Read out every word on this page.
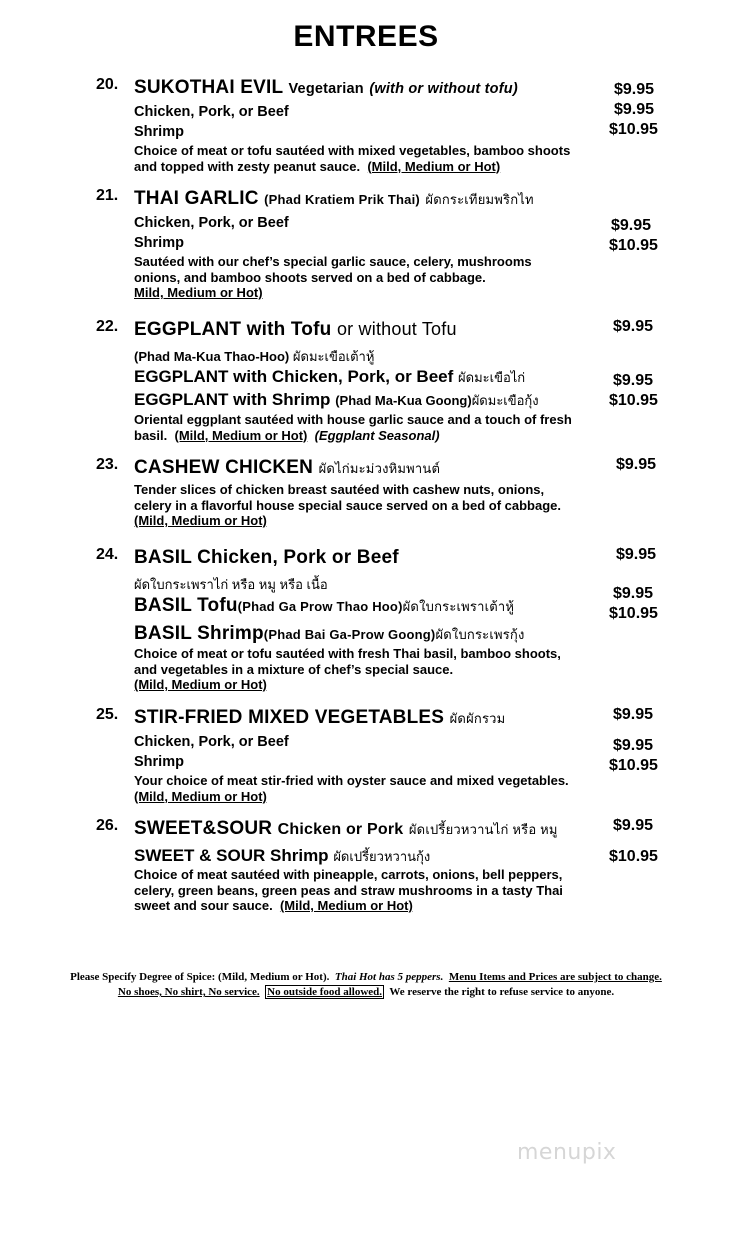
ENTREES
20. SUKOTHAI EVIL Vegetarian (with or without tofu)
Chicken, Pork, or Beef
Shrimp
Choice of meat or tofu sautéed with mixed vegetables, bamboo shoots
and topped with zesty peanut sauce. (Mild, Medium or Hot)
$9.95
$9.95
$10.95
21. THAI GARLIC (Phad Kratiem Prik Thai) ผัดกระเทียมพริกไท
Chicken, Pork, or Beef
Shrimp
Sautéed with our chef’s special garlic sauce, celery, mushrooms
onions, and bamboo shoots served on a bed of cabbage.
Mild, Medium or Hot)
$9.95
$10.95
22. EGGPLANT with Tofu or without Tofu
(Phad Ma-Kua Thao-Hoo) ผัดมะเขือเต้าหู้
EGGPLANT with Chicken, Pork, or Beef ผัดมะเขือไก่
EGGPLANT with Shrimp (Phad Ma-Kua Goong)ผัดมะเขือกุ้ง
Oriental eggplant sautéed with house garlic sauce and a touch of fresh
basil. (Mild, Medium or Hot) (Eggplant Seasonal)
$9.95
$9.95
$10.95
23. CASHEW CHICKEN ผัดไก่มะม่วงหิมพานต์
Tender slices of chicken breast sautéed with cashew nuts, onions,
celery in a flavorful house special sauce served on a bed of cabbage.
(Mild, Medium or Hot)
$9.95
24. BASIL Chicken, Pork or Beef
ผัดใบกระเพราไก่ หรือ หมู หรือ เนื้อ
BASIL Tofu(Phad Ga Prow Thao Hoo)ผัดใบกระเพราเต้าหู้
BASIL Shrimp(Phad Bai Ga-Prow Goong)ผัดใบกระเพรกุ้ง
Choice of meat or tofu sautéed with fresh Thai basil, bamboo shoots,
and vegetables in a mixture of chef’s special sauce.
(Mild, Medium or Hot)
$9.95
$9.95
$10.95
25. STIR-FRIED MIXED VEGETABLES ผัดผักรวม
Chicken, Pork, or Beef
Shrimp
Your choice of meat stir-fried with oyster sauce and mixed vegetables.
(Mild, Medium or Hot)
$9.95
$9.95
$10.95
26. SWEET&SOUR Chicken or Pork ผัดเปรี้ยวหวานไก่ หรือ หมู
SWEET & SOUR Shrimp ผัดเปรี้ยวหวานกุ้ง
Choice of meat sautéed with pineapple, carrots, onions, bell peppers,
celery, green beans, green peas and straw mushrooms in a tasty Thai
sweet and sour sauce. (Mild, Medium or Hot)
$9.95
$10.95
Please Specify Degree of Spice: (Mild, Medium or Hot). Thai Hot has 5 peppers. Menu Items and Prices are subject to change.
No shoes, No shirt, No service. No outside food allowed. We reserve the right to refuse service to anyone.
menupix
